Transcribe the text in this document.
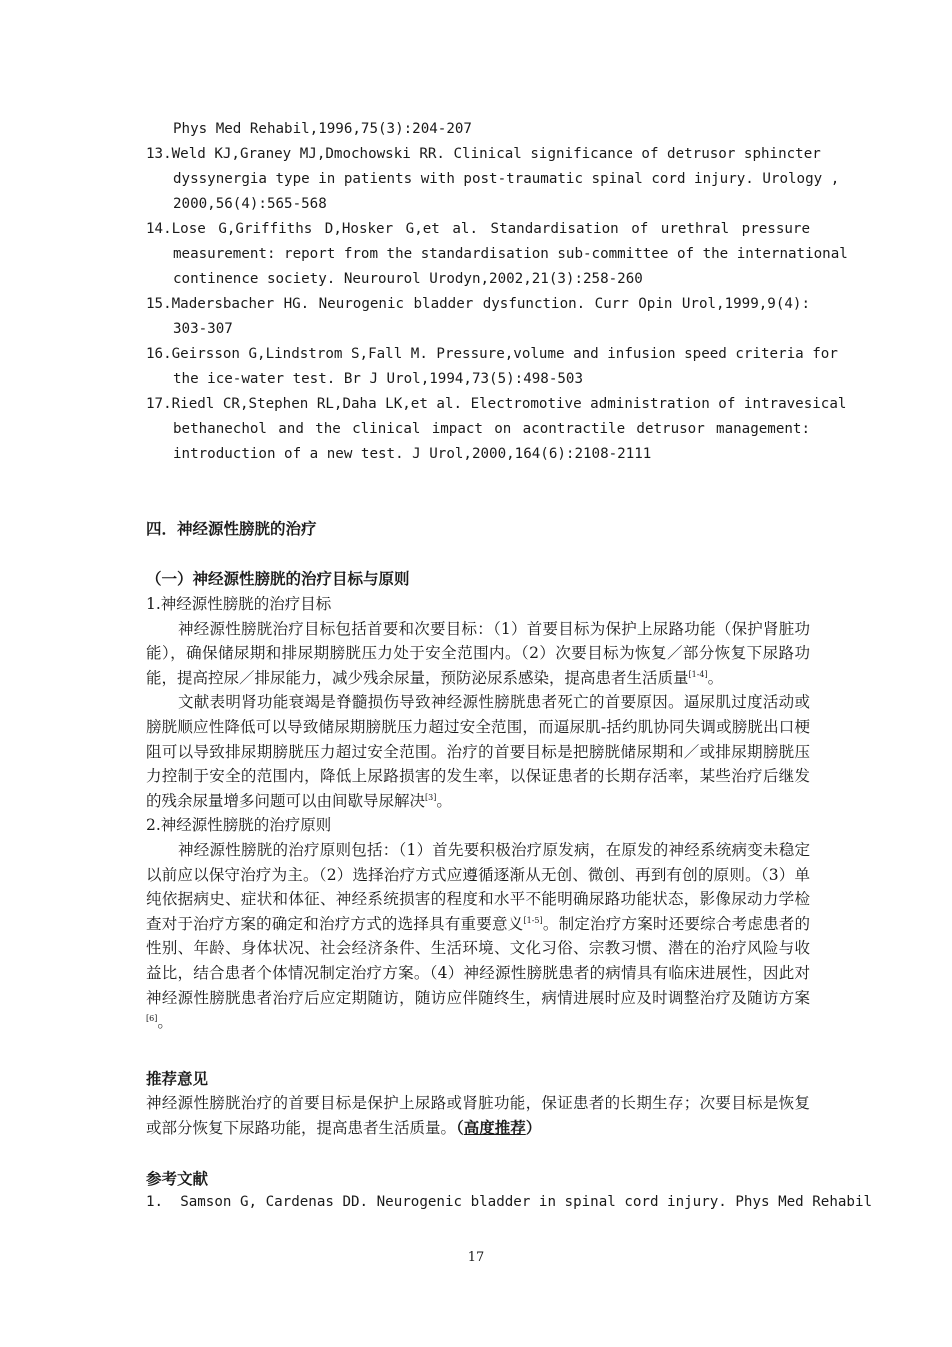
Phys Med Rehabil,1996,75(3):204-207
13.Weld KJ,Graney MJ,Dmochowski RR. Clinical significance of detrusor sphincter
dyssynergia type in patients with post-traumatic spinal cord injury. Urology ,
2000,56(4):565-568
14.Lose G,Griffiths D,Hosker G,et al. Standardisation of urethral pressure
measurement: report from the standardisation sub-committee of the international
continence society. Neurourol Urodyn,2002,21(3):258-260
15.Madersbacher HG. Neurogenic bladder dysfunction. Curr Opin Urol,1999,9(4):
303-307
16.Geirsson G,Lindstrom S,Fall M. Pressure,volume and infusion speed criteria for
the ice-water test. Br J Urol,1994,73(5):498-503
17.Riedl CR,Stephen RL,Daha LK,et al. Electromotive administration of intravesical
bethanechol and the clinical impact on acontractile detrusor management:
introduction of a new test. J Urol,2000,164(6):2108-2111
四．神经源性膀胱的治疗
（一）神经源性膀胱的治疗目标与原则

1.神经源性膀胱的治疗目标

神经源性膀胱治疗目标包括首要和次要目标：（1）首要目标为保护上尿路功能（保护肾脏功能），确保储尿期和排尿期膀胱压力处于安全范围内。（2）次要目标为恢复／部分恢复下尿路功能，提高控尿／排尿能力，减少残余尿量，预防泌尿系感染，提高患者生活质量[1-4]。

文献表明肾功能衰竭是脊髓损伤导致神经源性膀胱患者死亡的首要原因。逼尿肌过度活动或膀胱顺应性降低可以导致储尿期膀胱压力超过安全范围，而逼尿肌-括约肌协同失调或膀胱出口梗阻可以导致排尿期膀胱压力超过安全范围。治疗的首要目标是把膀胱储尿期和／或排尿期膀胱压力控制于安全的范围内，降低上尿路损害的发生率，以保证患者的长期存活率，某些治疗后继发的残余尿量增多问题可以由间歇导尿解决[3]。

2.神经源性膀胱的治疗原则

神经源性膀胱的治疗原则包括：（1）首先要积极治疗原发病，在原发的神经系统病变未稳定以前应以保守治疗为主。（2）选择治疗方式应遵循逐渐从无创、微创、再到有创的原则。（3）单纯依据病史、症状和体征、神经系统损害的程度和水平不能明确尿路功能状态，影像尿动力学检查对于治疗方案的确定和治疗方式的选择具有重要意义[1-5]。制定治疗方案时还要综合考虑患者的性别、年龄、身体状况、社会经济条件、生活环境、文化习俗、宗教习惯、潜在的治疗风险与收益比，结合患者个体情况制定治疗方案。（4）神经源性膀胱患者的病情具有临床进展性，因此对神经源性膀胱患者治疗后应定期随访，随访应伴随终生，病情进展时应及时调整治疗及随访方案[6]。

推荐意见

神经源性膀胱治疗的首要目标是保护上尿路或肾脏功能，保证患者的长期生存；次要目标是恢复或部分恢复下尿路功能，提高患者生活质量。（高度推荐）

参考文献
1. Samson G, Cardenas DD. Neurogenic bladder in spinal cord injury. Phys Med Rehabil
17
